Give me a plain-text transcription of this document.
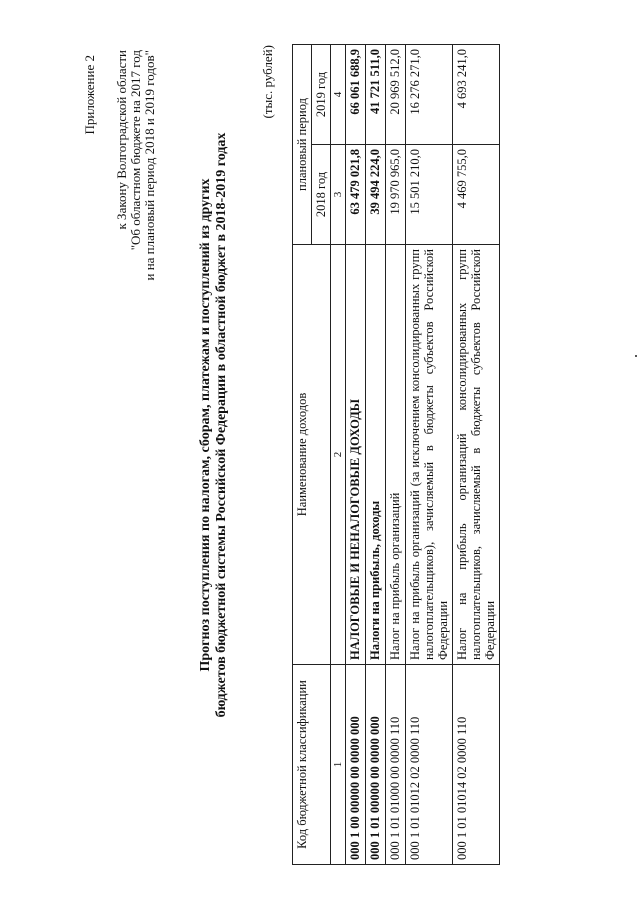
Приложение 2 к Закону Волгоградской области "Об областном бюджете на 2017 год и на плановый период 2018 и 2019 годов"
Прогноз поступления по налогам, сборам, платежам и поступлений из других бюджетов бюджетной системы Российской Федерации в областной бюджет в 2018-2019 годах
(тыс. рублей)
Код бюджетной классификации	Наименование доходов	плановый период	
		2018 год	2019 год
1	2	3	4
000 1 00 00000 00 0000 000	НАЛОГОВЫЕ И НЕНАЛОГОВЫЕ ДОХОДЫ	63 479 021,8	66 061 688,9
000 1 01 00000 00 0000 000	Налоги на прибыль, доходы	39 494 224,0	41 721 511,0
000 1 01 01000 00 0000 110	Налог на прибыль организаций	19 970 965,0	20 969 512,0
000 1 01 01012 02 0000 110	Налог на прибыль организаций (за исключением консолидированных групп налогоплательщиков), зачисляемый в бюджеты субъектов Российской Федерации	15 501 210,0	16 276 271,0
000 1 01 01014 02 0000 110	Налог на прибыль организаций консолидированных групп налогоплательщиков, зачисляемый в бюджеты субъектов Российской Федерации	4 469 755,0	4 693 241,0
